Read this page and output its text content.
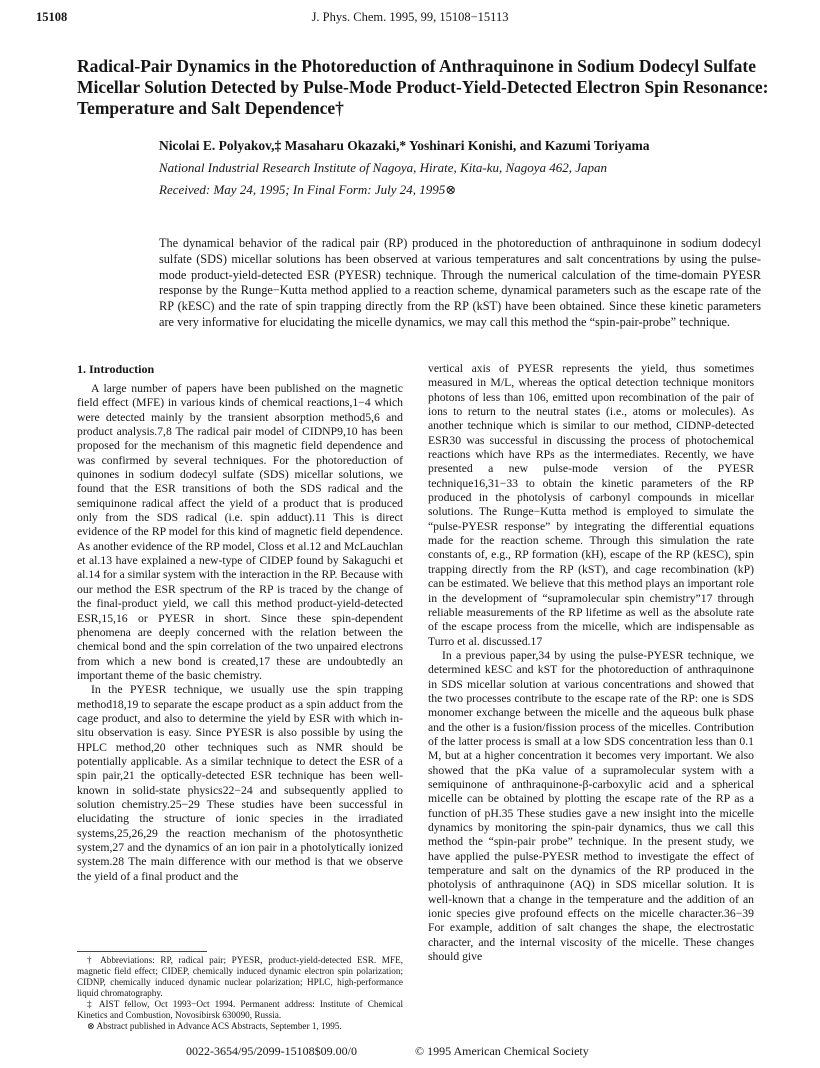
15108	J. Phys. Chem. 1995, 99, 15108−15113
Radical-Pair Dynamics in the Photoreduction of Anthraquinone in Sodium Dodecyl Sulfate Micellar Solution Detected by Pulse-Mode Product-Yield-Detected Electron Spin Resonance: Temperature and Salt Dependence†
Nicolai E. Polyakov,‡ Masaharu Okazaki,* Yoshinari Konishi, and Kazumi Toriyama
National Industrial Research Institute of Nagoya, Hirate, Kita-ku, Nagoya 462, Japan
Received: May 24, 1995; In Final Form: July 24, 1995⊗

The dynamical behavior of the radical pair (RP) produced in the photoreduction of anthraquinone in sodium dodecyl sulfate (SDS) micellar solutions has been observed at various temperatures and salt concentrations by using the pulse-mode product-yield-detected ESR (PYESR) technique. Through the numerical calculation of the time-domain PYESR response by the Runge−Kutta method applied to a reaction scheme, dynamical parameters such as the escape rate of the RP (kESC) and the rate of spin trapping directly from the RP (kST) have been obtained. Since these kinetic parameters are very informative for elucidating the micelle dynamics, we may call this method the “spin-pair-probe” technique.

1. Introduction

A large number of papers have been published on the magnetic field effect (MFE) in various kinds of chemical reactions,1−4 which were detected mainly by the transient absorption method5,6 and product analysis.7,8 The radical pair model of CIDNP9,10 has been proposed for the mechanism of this magnetic field dependence and was confirmed by several techniques. For the photoreduction of quinones in sodium dodecyl sulfate (SDS) micellar solutions, we found that the ESR transitions of both the SDS radical and the semiquinone radical affect the yield of a product that is produced only from the SDS radical (i.e. spin adduct).11 This is direct evidence of the RP model for this kind of magnetic field dependence. As another evidence of the RP model, Closs et al.12 and McLauchlan et al.13 have explained a new-type of CIDEP found by Sakaguchi et al.14 for a similar system with the interaction in the RP. Because with our method the ESR spectrum of the RP is traced by the change of the final-product yield, we call this method product-yield-detected ESR,15,16 or PYESR in short. Since these spin-dependent phenomena are deeply concerned with the relation between the chemical bond and the spin correlation of the two unpaired electrons from which a new bond is created,17 these are undoubtedly an important theme of the basic chemistry.

In the PYESR technique, we usually use the spin trapping method18,19 to separate the escape product as a spin adduct from the cage product, and also to determine the yield by ESR with which in-situ observation is easy. Since PYESR is also possible by using the HPLC method,20 other techniques such as NMR should be potentially applicable. As a similar technique to detect the ESR of a spin pair,21 the optically-detected ESR technique has been well-known in solid-state physics22−24 and subsequently applied to solution chemistry.25−29 These studies have been successful in elucidating the structure of ionic species in the irradiated systems,25,26,29 the reaction mechanism of the photosynthetic system,27 and the dynamics of an ion pair in a photolytically ionized system.28 The main difference with our method is that we observe the yield of a final product and the

vertical axis of PYESR represents the yield, thus sometimes measured in M/L, whereas the optical detection technique monitors photons of less than 106, emitted upon recombination of the pair of ions to return to the neutral states (i.e., atoms or molecules). As another technique which is similar to our method, CIDNP-detected ESR30 was successful in discussing the process of photochemical reactions which have RPs as the intermediates. Recently, we have presented a new pulse-mode version of the PYESR technique16,31−33 to obtain the kinetic parameters of the RP produced in the photolysis of carbonyl compounds in micellar solutions. The Runge−Kutta method is employed to simulate the “pulse-PYESR response” by integrating the differential equations made for the reaction scheme. Through this simulation the rate constants of, e.g., RP formation (kH), escape of the RP (kESC), spin trapping directly from the RP (kST), and cage recombination (kP) can be estimated. We believe that this method plays an important role in the development of “supramolecular spin chemistry”17 through reliable measurements of the RP lifetime as well as the absolute rate of the escape process from the micelle, which are indispensable as Turro et al. discussed.17

In a previous paper,34 by using the pulse-PYESR technique, we determined kESC and kST for the photoreduction of anthraquinone in SDS micellar solution at various concentrations and showed that the two processes contribute to the escape rate of the RP: one is SDS monomer exchange between the micelle and the aqueous bulk phase and the other is a fusion/fission process of the micelles. Contribution of the latter process is small at a low SDS concentration less than 0.1 M, but at a higher concentration it becomes very important. We also showed that the pKa value of a supramolecular system with a semiquinone of anthraquinone-β-carboxylic acid and a spherical micelle can be obtained by plotting the escape rate of the RP as a function of pH.35 These studies gave a new insight into the micelle dynamics by monitoring the spin-pair dynamics, thus we call this method the “spin-pair probe” technique. In the present study, we have applied the pulse-PYESR method to investigate the effect of temperature and salt on the dynamics of the RP produced in the photolysis of anthraquinone (AQ) in SDS micellar solution. It is well-known that a change in the temperature and the addition of an ionic species give profound effects on the micelle character.36−39 For example, addition of salt changes the shape, the electrostatic character, and the internal viscosity of the micelle. These changes should give

† Abbreviations: RP, radical pair; PYESR, product-yield-detected ESR. MFE, magnetic field effect; CIDEP, chemically induced dynamic electron spin polarization; CIDNP, chemically induced dynamic nuclear polarization; HPLC, high-performance liquid chromatography.

‡ AIST fellow, Oct 1993−Oct 1994. Permanent address: Institute of Chemical Kinetics and Combustion, Novosibirsk 630090, Russia.

⊗ Abstract published in Advance ACS Abstracts, September 1, 1995.

0022-3654/95/2099-15108$09.00/0	© 1995 American Chemical Society
